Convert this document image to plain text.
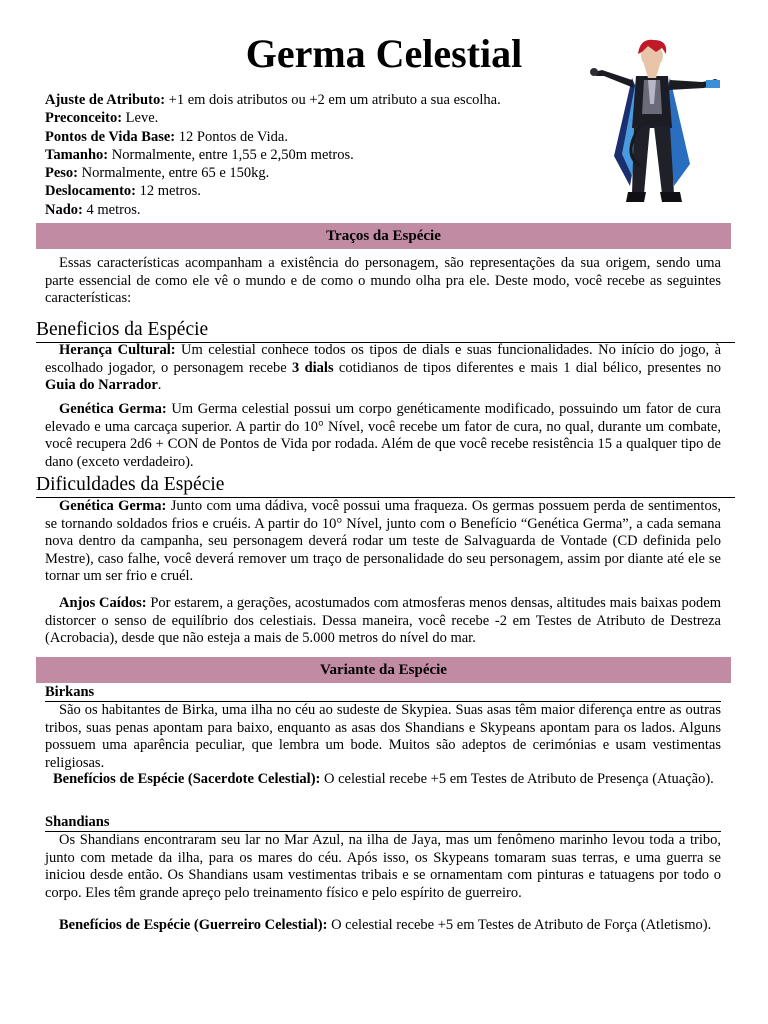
Germa Celestial
Ajuste de Atributo: +1 em dois atributos ou +2 em um atributo a sua escolha.
Preconceito: Leve.
Pontos de Vida Base: 12 Pontos de Vida.
Tamanho: Normalmente, entre 1,55 e 2,50m metros.
Peso: Normalmente, entre 65 e 150kg.
Deslocamento: 12 metros.
Nado: 4 metros.
Traços da Espécie

Essas características acompanham a existência do personagem, são representações da sua origem, sendo uma parte essencial de como ele vê o mundo e de como o mundo olha pra ele. Deste modo, você recebe as seguintes características:

Beneficios da Espécie

Herança Cultural: Um celestial conhece todos os tipos de dials e suas funcionalidades. No início do jogo, à escolhado jogador, o personagem recebe 3 dials cotidianos de tipos diferentes e mais 1 dial bélico, presentes no Guia do Narrador.

Genética Germa: Um Germa celestial possui um corpo genéticamente modificado, possuindo um fator de cura elevado e uma carcaça superior. A partir do 10° Nível, você recebe um fator de cura, no qual, durante um combate, você recupera 2d6 + CON de Pontos de Vida por rodada. Além de que você recebe resistência 15 a qualquer tipo de dano (exceto verdadeiro).

Dificuldades da Espécie

Genética Germa: Junto com uma dádiva, você possui uma fraqueza. Os germas possuem perda de sentimentos, se tornando soldados frios e cruéis. A partir do 10° Nível, junto com o Benefício “Genética Germa”, a cada semana nova dentro da campanha, seu personagem deverá rodar um teste de Salvaguarda de Vontade (CD definida pelo Mestre), caso falhe, você deverá remover um traço de personalidade do seu personagem, assim por diante até ele se tornar um ser frio e cruél.

Anjos Caídos: Por estarem, a gerações, acostumados com atmosferas menos densas, altitudes mais baixas podem distorcer o senso de equilíbrio dos celestiais. Dessa maneira, você recebe -2 em Testes de Atributo de Destreza (Acrobacia), desde que não esteja a mais de 5.000 metros do nível do mar.

Variante da Espécie
Birkans

São os habitantes de Birka, uma ilha no céu ao sudeste de Skypiea. Suas asas têm maior diferença entre as outras tribos, suas penas apontam para baixo, enquanto as asas dos Shandians e Skypeans apontam para os lados. Alguns possuem uma aparência peculiar, que lembra um bode. Muitos são adeptos de cerimónias e usam vestimentas religiosas.

Benefícios de Espécie (Sacerdote Celestial): O celestial recebe +5 em Testes de Atributo de Presença (Atuação).

Shandians

Os Shandians encontraram seu lar no Mar Azul, na ilha de Jaya, mas um fenômeno marinho levou toda a tribo, junto com metade da ilha, para os mares do céu. Após isso, os Skypeans tomaram suas terras, e uma guerra se iniciou desde então. Os Shandians usam vestimentas tribais e se ornamentam com pinturas e tatuagens por todo o corpo. Eles têm grande apreço pelo treinamento físico e pelo espírito de guerreiro.

Benefícios de Espécie (Guerreiro Celestial): O celestial recebe +5 em Testes de Atributo de Força (Atletismo).
